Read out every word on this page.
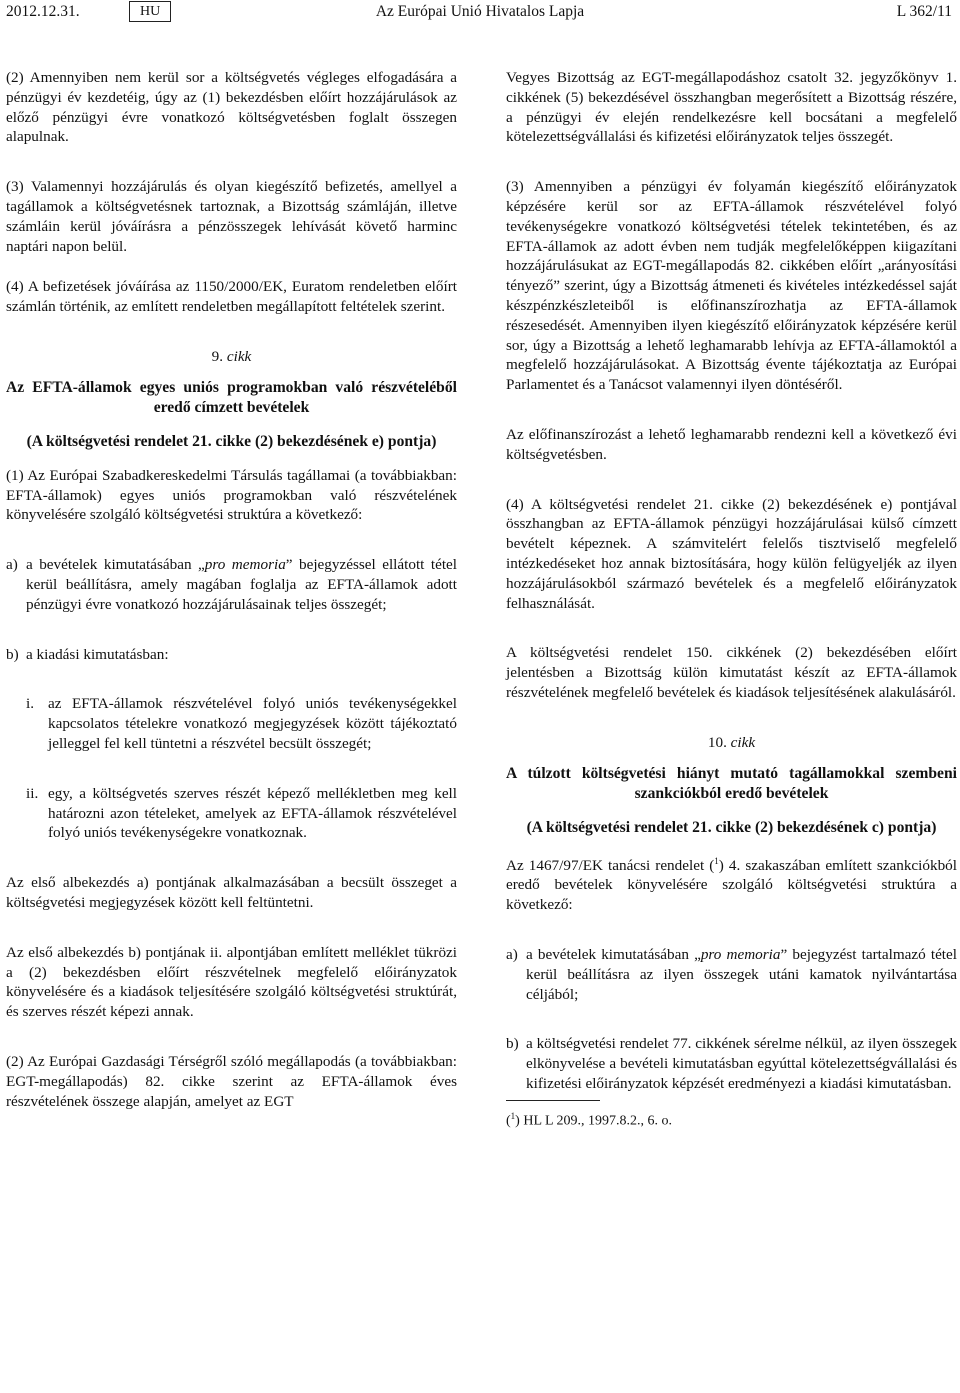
2012.12.31.	HU	Az Európai Unió Hivatalos Lapja	L 362/11

(2) Amennyiben nem kerül sor a költségvetés végleges elfogadására a pénzügyi év kezdetéig, úgy az (1) bekezdésben előírt hozzájárulások az előző pénzügyi évre vonatkozó költségvetésben foglalt összegen alapulnak.

(3) Valamennyi hozzájárulás és olyan kiegészítő befizetés, amellyel a tagállamok a költségvetésnek tartoznak, a Bizottság számláján, illetve számláin kerül jóváírásra a pénzösszegek lehívását követő harminc naptári napon belül.

(4) A befizetések jóváírása az 1150/2000/EK, Euratom rendeletben előírt számlán történik, az említett rendeletben megállapított feltételek szerint.

9. cikk

Az EFTA-államok egyes uniós programokban való részvételéből eredő címzett bevételek

(A költségvetési rendelet 21. cikke (2) bekezdésének e) pontja)

(1) Az Európai Szabadkereskedelmi Társulás tagállamai (a továbbiakban: EFTA-államok) egyes uniós programokban való részvételének könyvelésére szolgáló költségvetési struktúra a következő:

a) a bevételek kimutatásában „pro memoria” bejegyzéssel ellátott tétel kerül beállításra, amely magában foglalja az EFTA-államok adott pénzügyi évre vonatkozó hozzájárulásainak teljes összegét;
b) a kiadási kimutatásban:
i. az EFTA-államok részvételével folyó uniós tevékenységekkel kapcsolatos tételekre vonatkozó megjegyzések között tájékoztató jelleggel fel kell tüntetni a részvétel becsült összegét;
ii. egy, a költségvetés szerves részét képező mellékletben meg kell határozni azon tételeket, amelyek az EFTA-államok részvételével folyó uniós tevékenységekre vonatkoznak.

Az első albekezdés a) pontjának alkalmazásában a becsült összeget a költségvetési megjegyzések között kell feltüntetni.

Az első albekezdés b) pontjának ii. alpontjában említett melléklet tükrözi a (2) bekezdésben előírt részvételnek megfelelő előirányzatok könyvelésére és a kiadások teljesítésére szolgáló költségvetési struktúrát, és szerves részét képezi annak.

(2) Az Európai Gazdasági Térségről szóló megállapodás (a továbbiakban: EGT-megállapodás) 82. cikke szerint az EFTA-államok éves részvételének összege alapján, amelyet az EGT

Vegyes Bizottság az EGT-megállapodáshoz csatolt 32. jegyzőkönyv 1. cikkének (5) bekezdésével összhangban megerősített a Bizottság részére, a pénzügyi év elején rendelkezésre kell bocsátani a megfelelő kötelezettségvállalási és kifizetési előirányzatok teljes összegét.

(3) Amennyiben a pénzügyi év folyamán kiegészítő előirányzatok képzésére kerül sor az EFTA-államok részvételével folyó tevékenységekre vonatkozó költségvetési tételek tekintetében, és az EFTA-államok az adott évben nem tudják megfelelőképpen kiigazítani hozzájárulásukat az EGT-megállapodás 82. cikkében előírt „arányosítási tényező” szerint, úgy a Bizottság átmeneti és kivételes intézkedéssel saját készpénzkészleteiből is előfinanszírozhatja az EFTA-államok részesedését. Amennyiben ilyen kiegészítő előirányzatok képzésére kerül sor, úgy a Bizottság a lehető leghamarabb lehívja az EFTA-államoktól a megfelelő hozzájárulásokat. A Bizottság évente tájékoztatja az Európai Parlamentet és a Tanácsot valamennyi ilyen döntéséről.

Az előfinanszírozást a lehető leghamarabb rendezni kell a következő évi költségvetésben.

(4) A költségvetési rendelet 21. cikke (2) bekezdésének e) pontjával összhangban az EFTA-államok pénzügyi hozzájárulásai külső címzett bevételt képeznek. A számvitelért felelős tisztviselő megfelelő intézkedéseket hoz annak biztosítására, hogy külön felügyeljék az ilyen hozzájárulásokból származó bevételek és a megfelelő előirányzatok felhasználását.

A költségvetési rendelet 150. cikkének (2) bekezdésében előírt jelentésben a Bizottság külön kimutatást készít az EFTA-államok részvételének megfelelő bevételek és kiadások teljesítésének alakulásáról.

10. cikk

A túlzott költségvetési hiányt mutató tagállamokkal szembeni szankciókból eredő bevételek

(A költségvetési rendelet 21. cikke (2) bekezdésének c) pontja)

Az 1467/97/EK tanácsi rendelet ($^1$) 4. szakaszában említett szankciókból eredő bevételek könyvelésére szolgáló költségvetési struktúra a következő:

a) a bevételek kimutatásában „pro memoria” bejegyzést tartalmazó tétel kerül beállításra az ilyen összegek utáni kamatok nyilvántartása céljából;
b) a költségvetési rendelet 77. cikkének sérelme nélkül, az ilyen összegek elkönyvelése a bevételi kimutatásban egyúttal kötelezettségvállalási és kifizetési előirányzatok képzését eredményezi a kiadási kimutatásban.
($^1$) HL L 209., 1997.8.2., 6. o.
